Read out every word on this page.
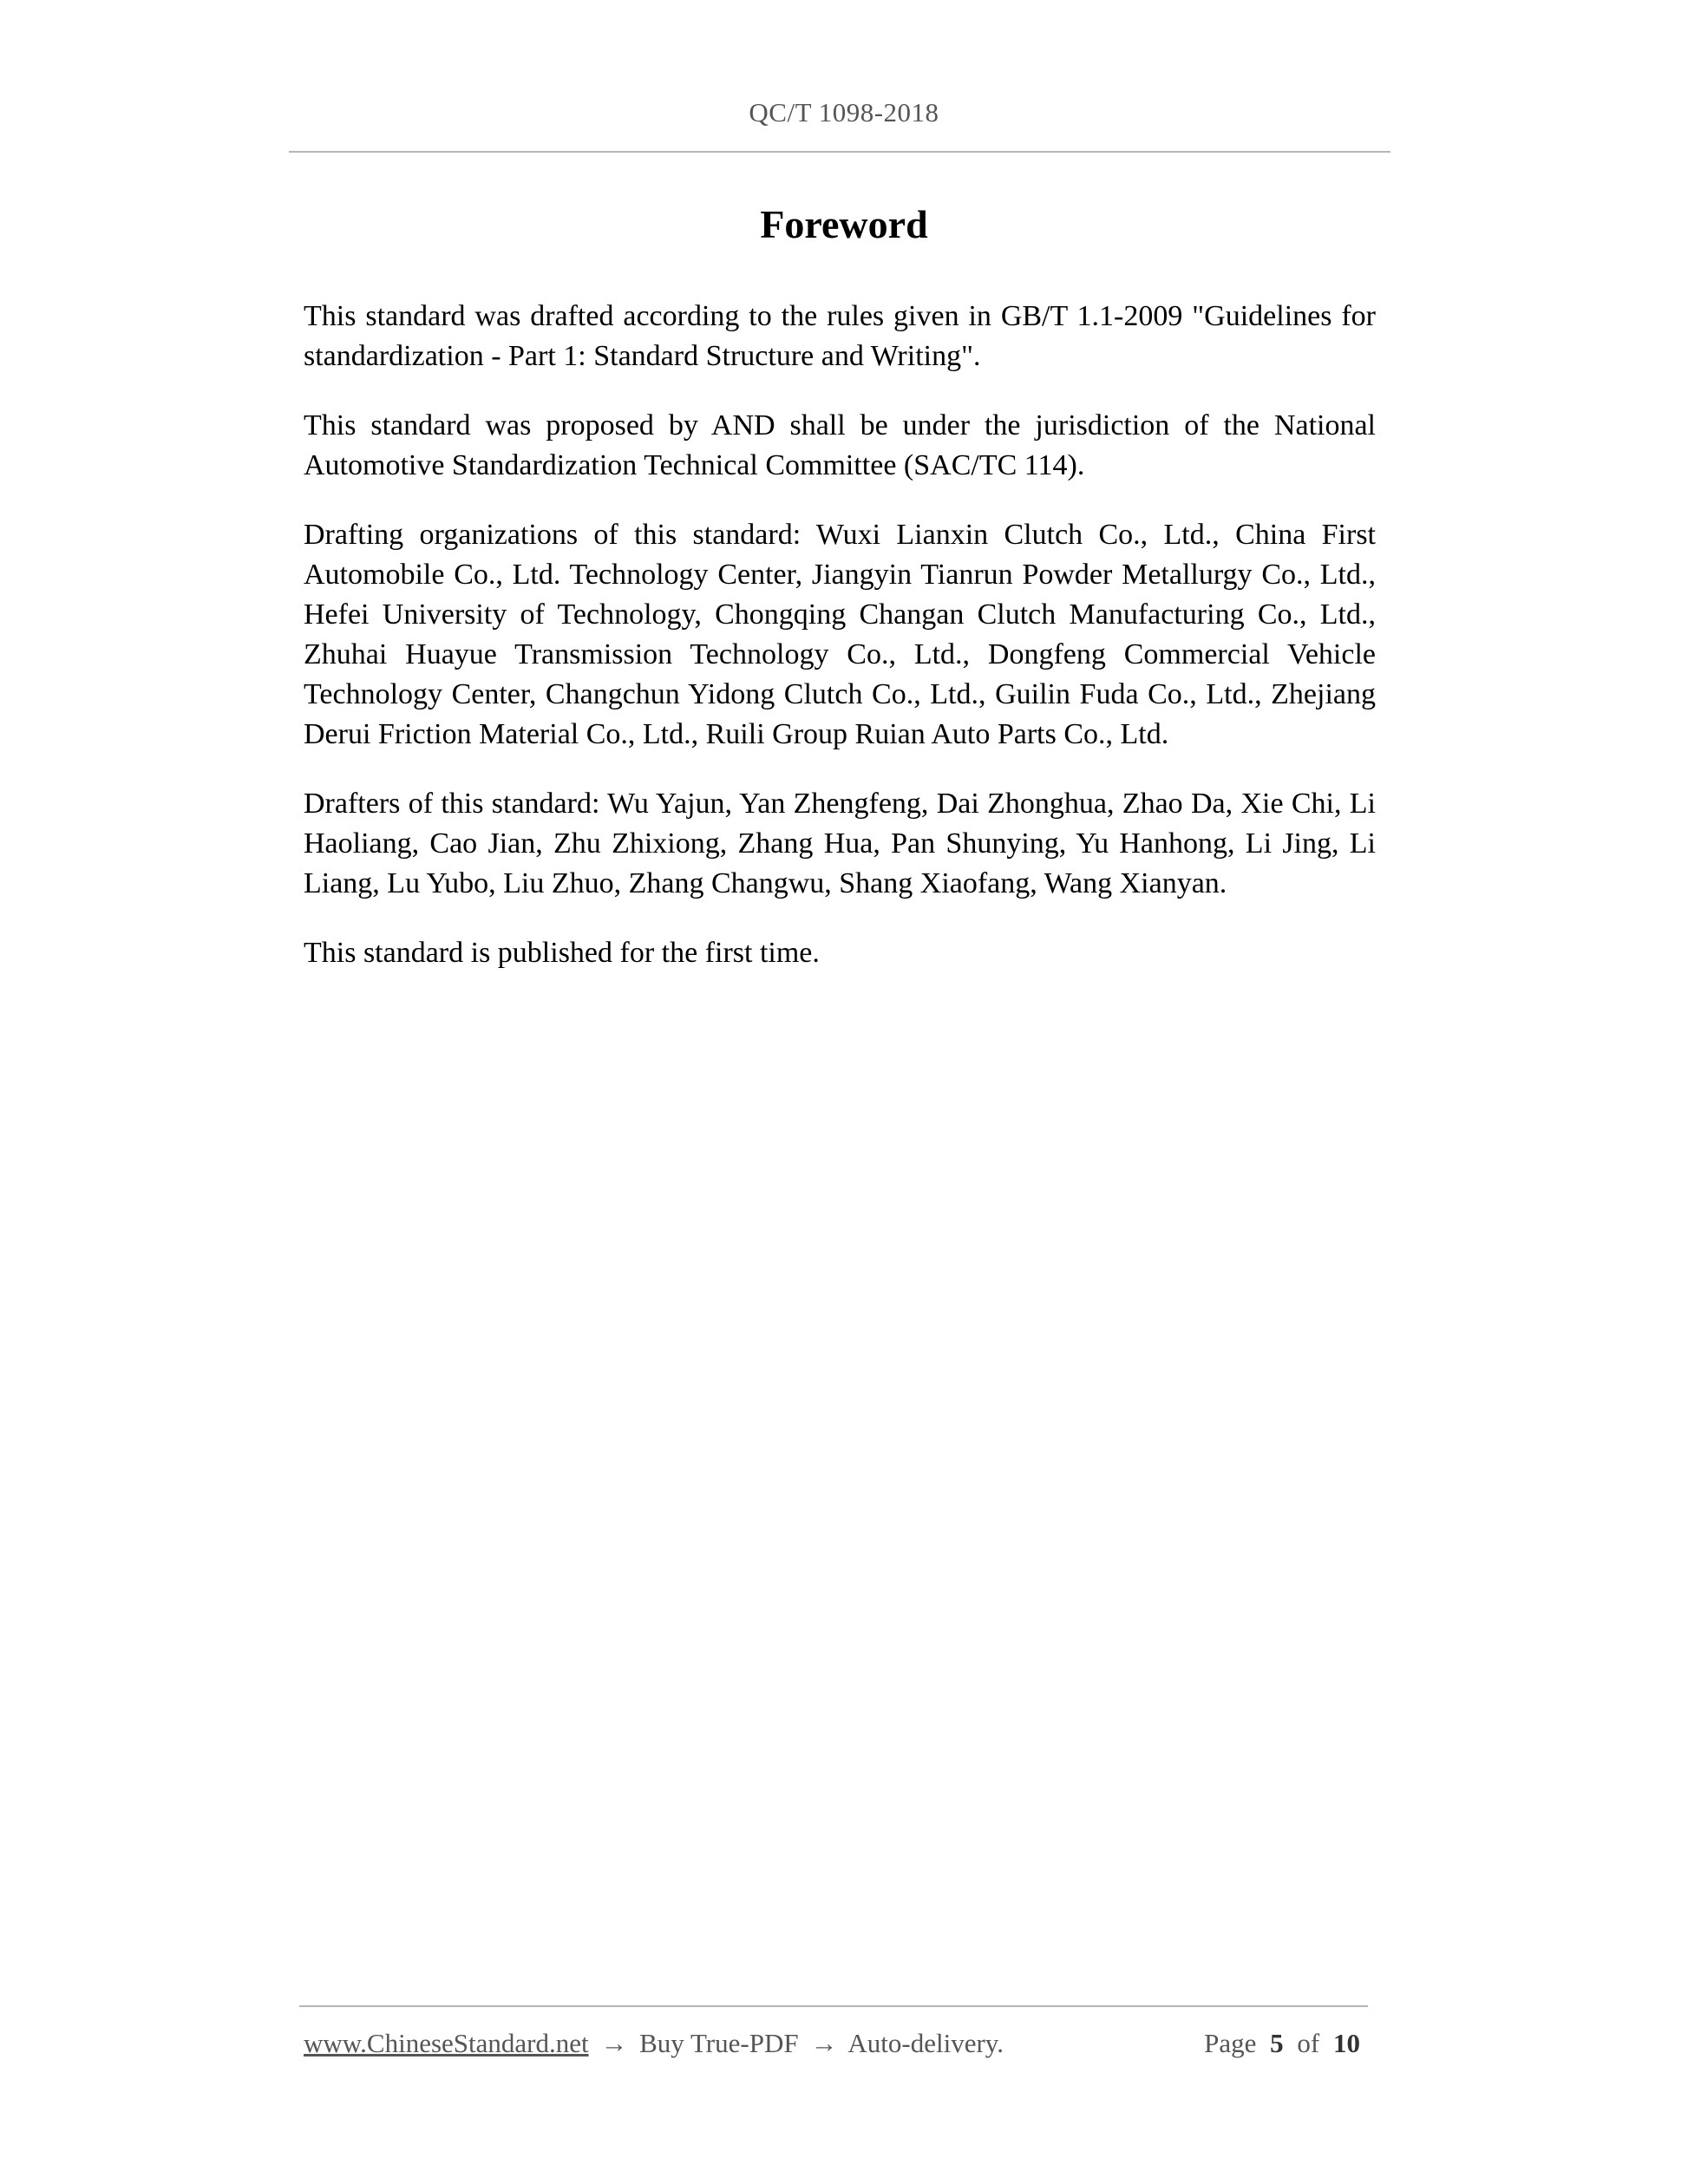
QC/T 1098-2018
Foreword

This standard was drafted according to the rules given in GB/T 1.1-2009 "Guidelines for standardization - Part 1: Standard Structure and Writing".

This standard was proposed by AND shall be under the jurisdiction of the National Automotive Standardization Technical Committee (SAC/TC 114).

Drafting organizations of this standard: Wuxi Lianxin Clutch Co., Ltd., China First Automobile Co., Ltd. Technology Center, Jiangyin Tianrun Powder Metallurgy Co., Ltd., Hefei University of Technology, Chongqing Changan Clutch Manufacturing Co., Ltd., Zhuhai Huayue Transmission Technology Co., Ltd., Dongfeng Commercial Vehicle Technology Center, Changchun Yidong Clutch Co., Ltd., Guilin Fuda Co., Ltd., Zhejiang Derui Friction Material Co., Ltd., Ruili Group Ruian Auto Parts Co., Ltd.

Drafters of this standard: Wu Yajun, Yan Zhengfeng, Dai Zhonghua, Zhao Da, Xie Chi, Li Haoliang, Cao Jian, Zhu Zhixiong, Zhang Hua, Pan Shunying, Yu Hanhong, Li Jing, Li Liang, Lu Yubo, Liu Zhuo, Zhang Changwu, Shang Xiaofang, Wang Xianyan.

This standard is published for the first time.

www.ChineseStandard.net → Buy True-PDF → Auto-delivery.	Page 5 of 10
